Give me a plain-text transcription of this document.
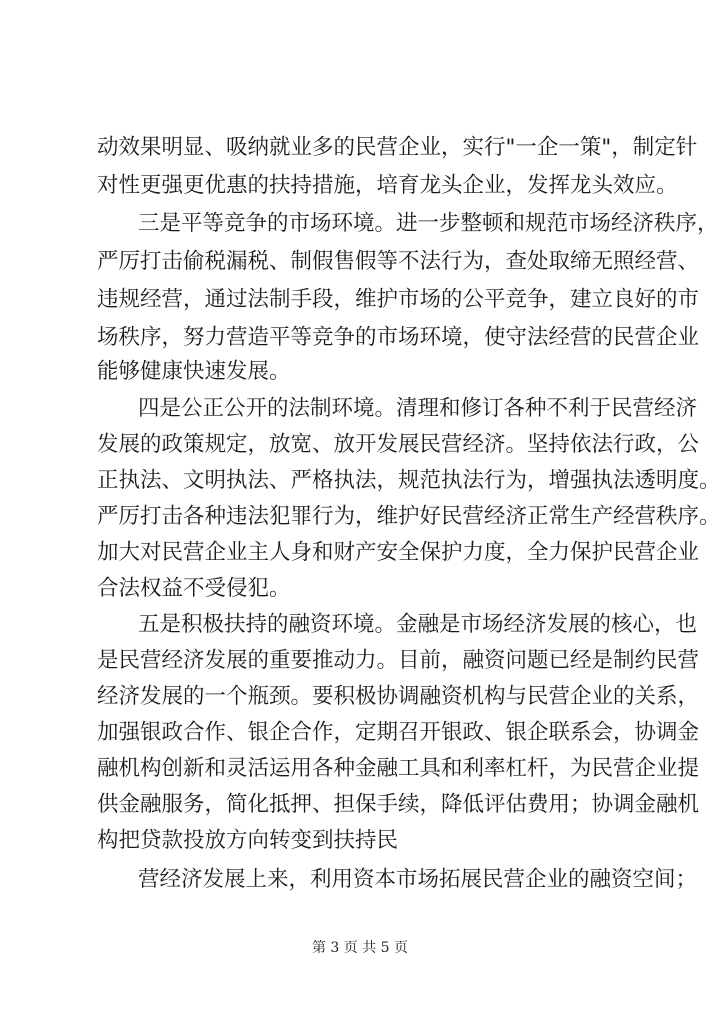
动效果明显、吸纳就业多的民营企业，实行"一企一策"，制定针
对性更强更优惠的扶持措施，培育龙头企业，发挥龙头效应。
三是平等竞争的市场环境。进一步整顿和规范市场经济秩序，
严厉打击偷税漏税、制假售假等不法行为，查处取缔无照经营、
违规经营，通过法制手段，维护市场的公平竞争，建立良好的市
场秩序，努力营造平等竞争的市场环境，使守法经营的民营企业
能够健康快速发展。
四是公正公开的法制环境。清理和修订各种不利于民营经济
发展的政策规定，放宽、放开发展民营经济。坚持依法行政，公
正执法、文明执法、严格执法，规范执法行为，增强执法透明度。
严厉打击各种违法犯罪行为，维护好民营经济正常生产经营秩序。
加大对民营企业主人身和财产安全保护力度，全力保护民营企业
合法权益不受侵犯。
五是积极扶持的融资环境。金融是市场经济发展的核心，也
是民营经济发展的重要推动力。目前，融资问题已经是制约民营
经济发展的一个瓶颈。要积极协调融资机构与民营企业的关系，
加强银政合作、银企合作，定期召开银政、银企联系会，协调金
融机构创新和灵活运用各种金融工具和利率杠杆，为民营企业提
供金融服务，简化抵押、担保手续，降低评估费用；协调金融机
构把贷款投放方向转变到扶持民
营经济发展上来，利用资本市场拓展民营企业的融资空间；
第 3 页 共 5 页
